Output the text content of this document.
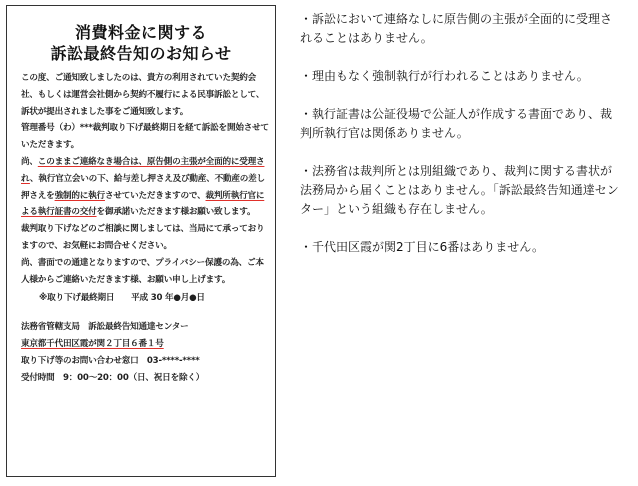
消費料金に関する
訴訟最終告知のお知らせ

この度、ご通知致しましたのは、貴方の利用されていた契約会社、もしくは運営会社側から契約不履行による民事訴訟として、訴状が提出されました事をご通知致します。

管理番号（わ）***裁判取り下げ最終期日を経て訴訟を開始させていただきます。

尚、このままご連絡なき場合は、原告側の主張が全面的に受理され、執行官立会いの下、給与差し押さえ及び動産、不動産の差し押さえを強制的に執行させていただきますので、裁判所執行官による執行証書の交付を御承諾いただきます様お願い致します。

裁判取り下げなどのご相談に関しましては、当局にて承っておりますので、お気軽にお問合せください。

尚、書面での通達となりますので、プライバシー保護の為、ご本人様からご連絡いただきます様、お願い申し上げます。

※取り下げ最終期日　　 平成 30 年●月●日

法務省管轄支局　訴訟最終告知通達センター

東京都千代田区霞が関２丁目６番１号

取り下げ等のお問い合わせ窓口　03-****-****

受付時間　9：00～20：00（日、祝日を除く）

・訴訟において連絡なしに原告側の主張が全面的に受理されることはありません。

・理由もなく強制執行が行われることはありません。

・執行証書は公証役場で公証人が作成する書面であり、裁判所執行官は関係ありません。

・法務省は裁判所とは別組織であり、裁判に関する書状が法務局から届くことはありません。「訴訟最終告知通達センター」という組織も存在しません。

・千代田区霞が関2丁目に6番はありません。
